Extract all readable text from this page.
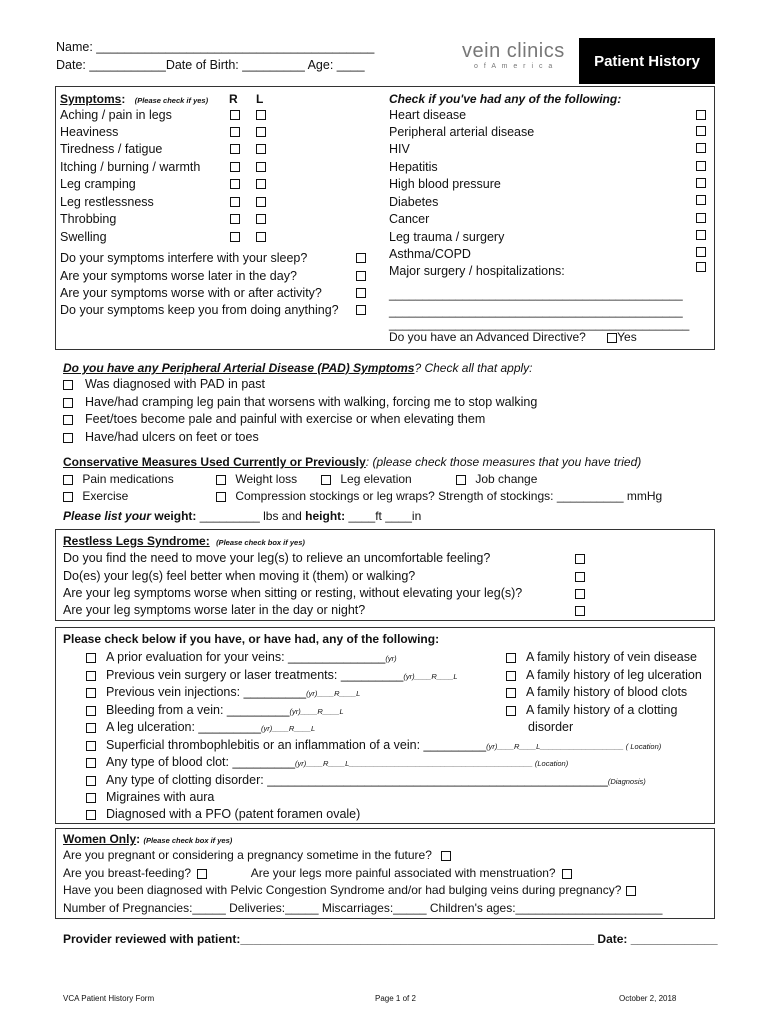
Name: ________________________________________
Date: ___________Date of Birth: _________ Age: ____
vein clinics
o f A m e r i c a	Patient History
Symptoms: (Please check if yes) R L
Aching / pain in legs
Heaviness
Tiredness / fatigue
Itching / burning / warmth
Leg cramping
Leg restlessness
Throbbing
Swelling
Do your symptoms interfere with your sleep?
Are your symptoms worse later in the day?
Are your symptoms worse with or after activity?
Do your symptoms keep you from doing anything?
Check if you've had any of the following:
Heart disease
Peripheral arterial disease
HIV
Hepatitis
High blood pressure
Diabetes
Cancer
Leg trauma / surgery
Asthma/COPD
Major surgery / hospitalizations:
____________________________________________
____________________________________________
_____________________________________________
Do you have an Advanced Directive?	Yes
Do you have any Peripheral Arterial Disease (PAD) Symptoms? Check all that apply:
Was diagnosed with PAD in past
Have/had cramping leg pain that worsens with walking, forcing me to stop walking
Feet/toes become pale and painful with exercise or when elevating them
Have/had ulcers on feet or toes
Conservative Measures Used Currently or Previously: (please check those measures that you have tried)
Pain medications	Weight loss	Leg elevation	Job change
Exercise	Compression stockings or leg wraps? Strength of stockings: __________ mmHg
Please list your weight: _________ lbs and height: ____ft ____in
Restless Legs Syndrome: (Please check box if yes)
Do you find the need to move your leg(s) to relieve an uncomfortable feeling?
Do(es) your leg(s) feel better when moving it (them) or walking?
Are your leg symptoms worse when sitting or resting, without elevating your leg(s)?
Are your leg symptoms worse later in the day or night?
Please check below if you have, or have had, any of the following:
A prior evaluation for your veins: ______________(yr)
Previous vein surgery or laser treatments: _________(yr)____R____L
Previous vein injections: _________(yr)____R____L
Bleeding from a vein: _________(yr)____R____L
A leg ulceration: _________(yr)____R____L
Superficial thrombophlebitis or an inflammation of a vein: _________(yr)____R____L____________________ ( Location)
Any type of blood clot: _________(yr)____R____L____________________________________________ (Location)
Any type of clotting disorder: _________________________________________________(Diagnosis)
Migraines with aura
Diagnosed with a PFO (patent foramen ovale)
A family history of vein disease
A family history of leg ulceration
A family history of blood clots
A family history of a clotting
disorder
Women Only: (Please check box if yes)
Are you pregnant or considering a pregnancy sometime in the future?
Are you breast-feeding?	Are your legs more painful associated with menstruation?
Have you been diagnosed with Pelvic Congestion Syndrome and/or had bulging veins during pregnancy?
Number of Pregnancies:_____ Deliveries:_____ Miscarriages:_____ Children's ages:______________________
Provider reviewed with patient:_____________________________________________________ Date: _____________
VCA Patient History Form	Page 1 of 2	October 2, 2018
